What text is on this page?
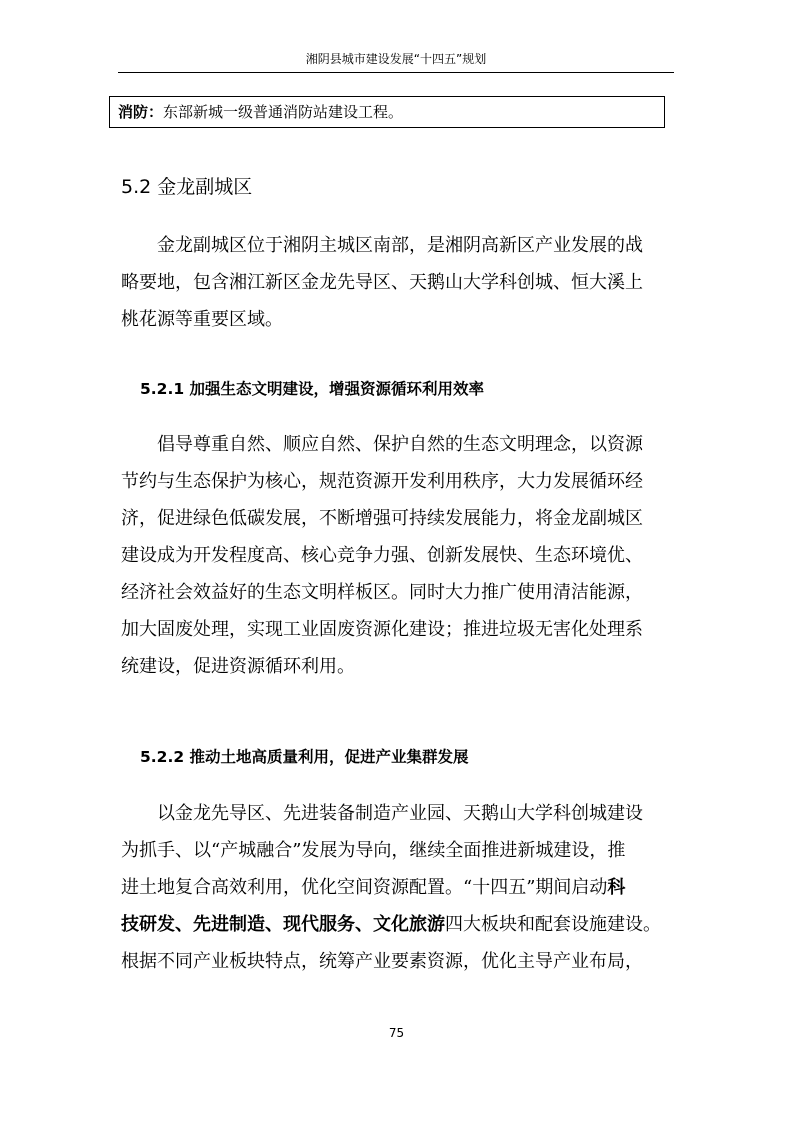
湘阴县城市建设发展“十四五”规划
消防：东部新城一级普通消防站建设工程。
5.2 金龙副城区
金龙副城区位于湘阴主城区南部，是湘阴高新区产业发展的战
略要地，包含湘江新区金龙先导区、天鹅山大学科创城、恒大溪上
桃花源等重要区域。
5.2.1 加强生态文明建设，增强资源循环利用效率
倡导尊重自然、顺应自然、保护自然的生态文明理念，以资源
节约与生态保护为核心，规范资源开发利用秩序，大力发展循环经
济，促进绿色低碳发展，不断增强可持续发展能力，将金龙副城区
建设成为开发程度高、核心竞争力强、创新发展快、生态环境优、
经济社会效益好的生态文明样板区。同时大力推广使用清洁能源，
加大固废处理，实现工业固废资源化建设；推进垃圾无害化处理系
统建设，促进资源循环利用。
5.2.2 推动土地高质量利用，促进产业集群发展
以金龙先导区、先进装备制造产业园、天鹅山大学科创城建设
为抓手、以“产城融合”发展为导向，继续全面推进新城建设，推
进土地复合高效利用，优化空间资源配置。“十四五”期间启动科
技研发、先进制造、现代服务、文化旅游四大板块和配套设施建设。
根据不同产业板块特点，统筹产业要素资源，优化主导产业布局，
75
